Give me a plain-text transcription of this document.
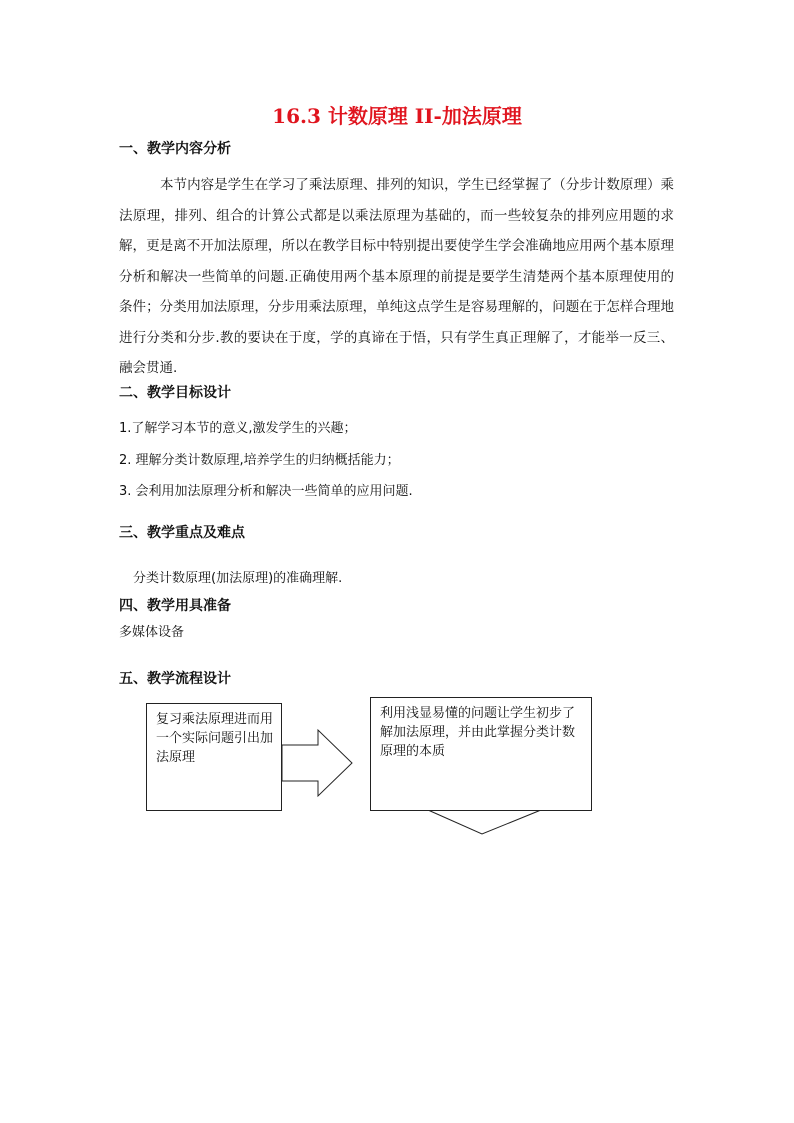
16.3 计数原理 II-加法原理
一、教学内容分析

本节内容是学生在学习了乘法原理、排列的知识，学生已经掌握了（分步计数原理）乘法原理，排列、组合的计算公式都是以乘法原理为基础的，而一些较复杂的排列应用题的求解，更是离不开加法原理，所以在教学目标中特别提出要使学生学会准确地应用两个基本原理分析和解决一些简单的问题.正确使用两个基本原理的前提是要学生清楚两个基本原理使用的条件；分类用加法原理，分步用乘法原理，单纯这点学生是容易理解的，问题在于怎样合理地进行分类和分步.教的要诀在于度，学的真谛在于悟，只有学生真正理解了，才能举一反三、融会贯通.

二、教学目标设计
1.了解学习本节的意义,激发学生的兴趣；
2. 理解分类计数原理,培养学生的归纳概括能力；
3. 会利用加法原理分析和解决一些简单的应用问题.
三、教学重点及难点
分类计数原理(加法原理)的准确理解.
四、教学用具准备
多媒体设备
五、教学流程设计
复习乘法原理进而用一个实际问题引出加法原理
利用浅显易懂的问题让学生初步了解加法原理，并由此掌握分类计数原理的本质
